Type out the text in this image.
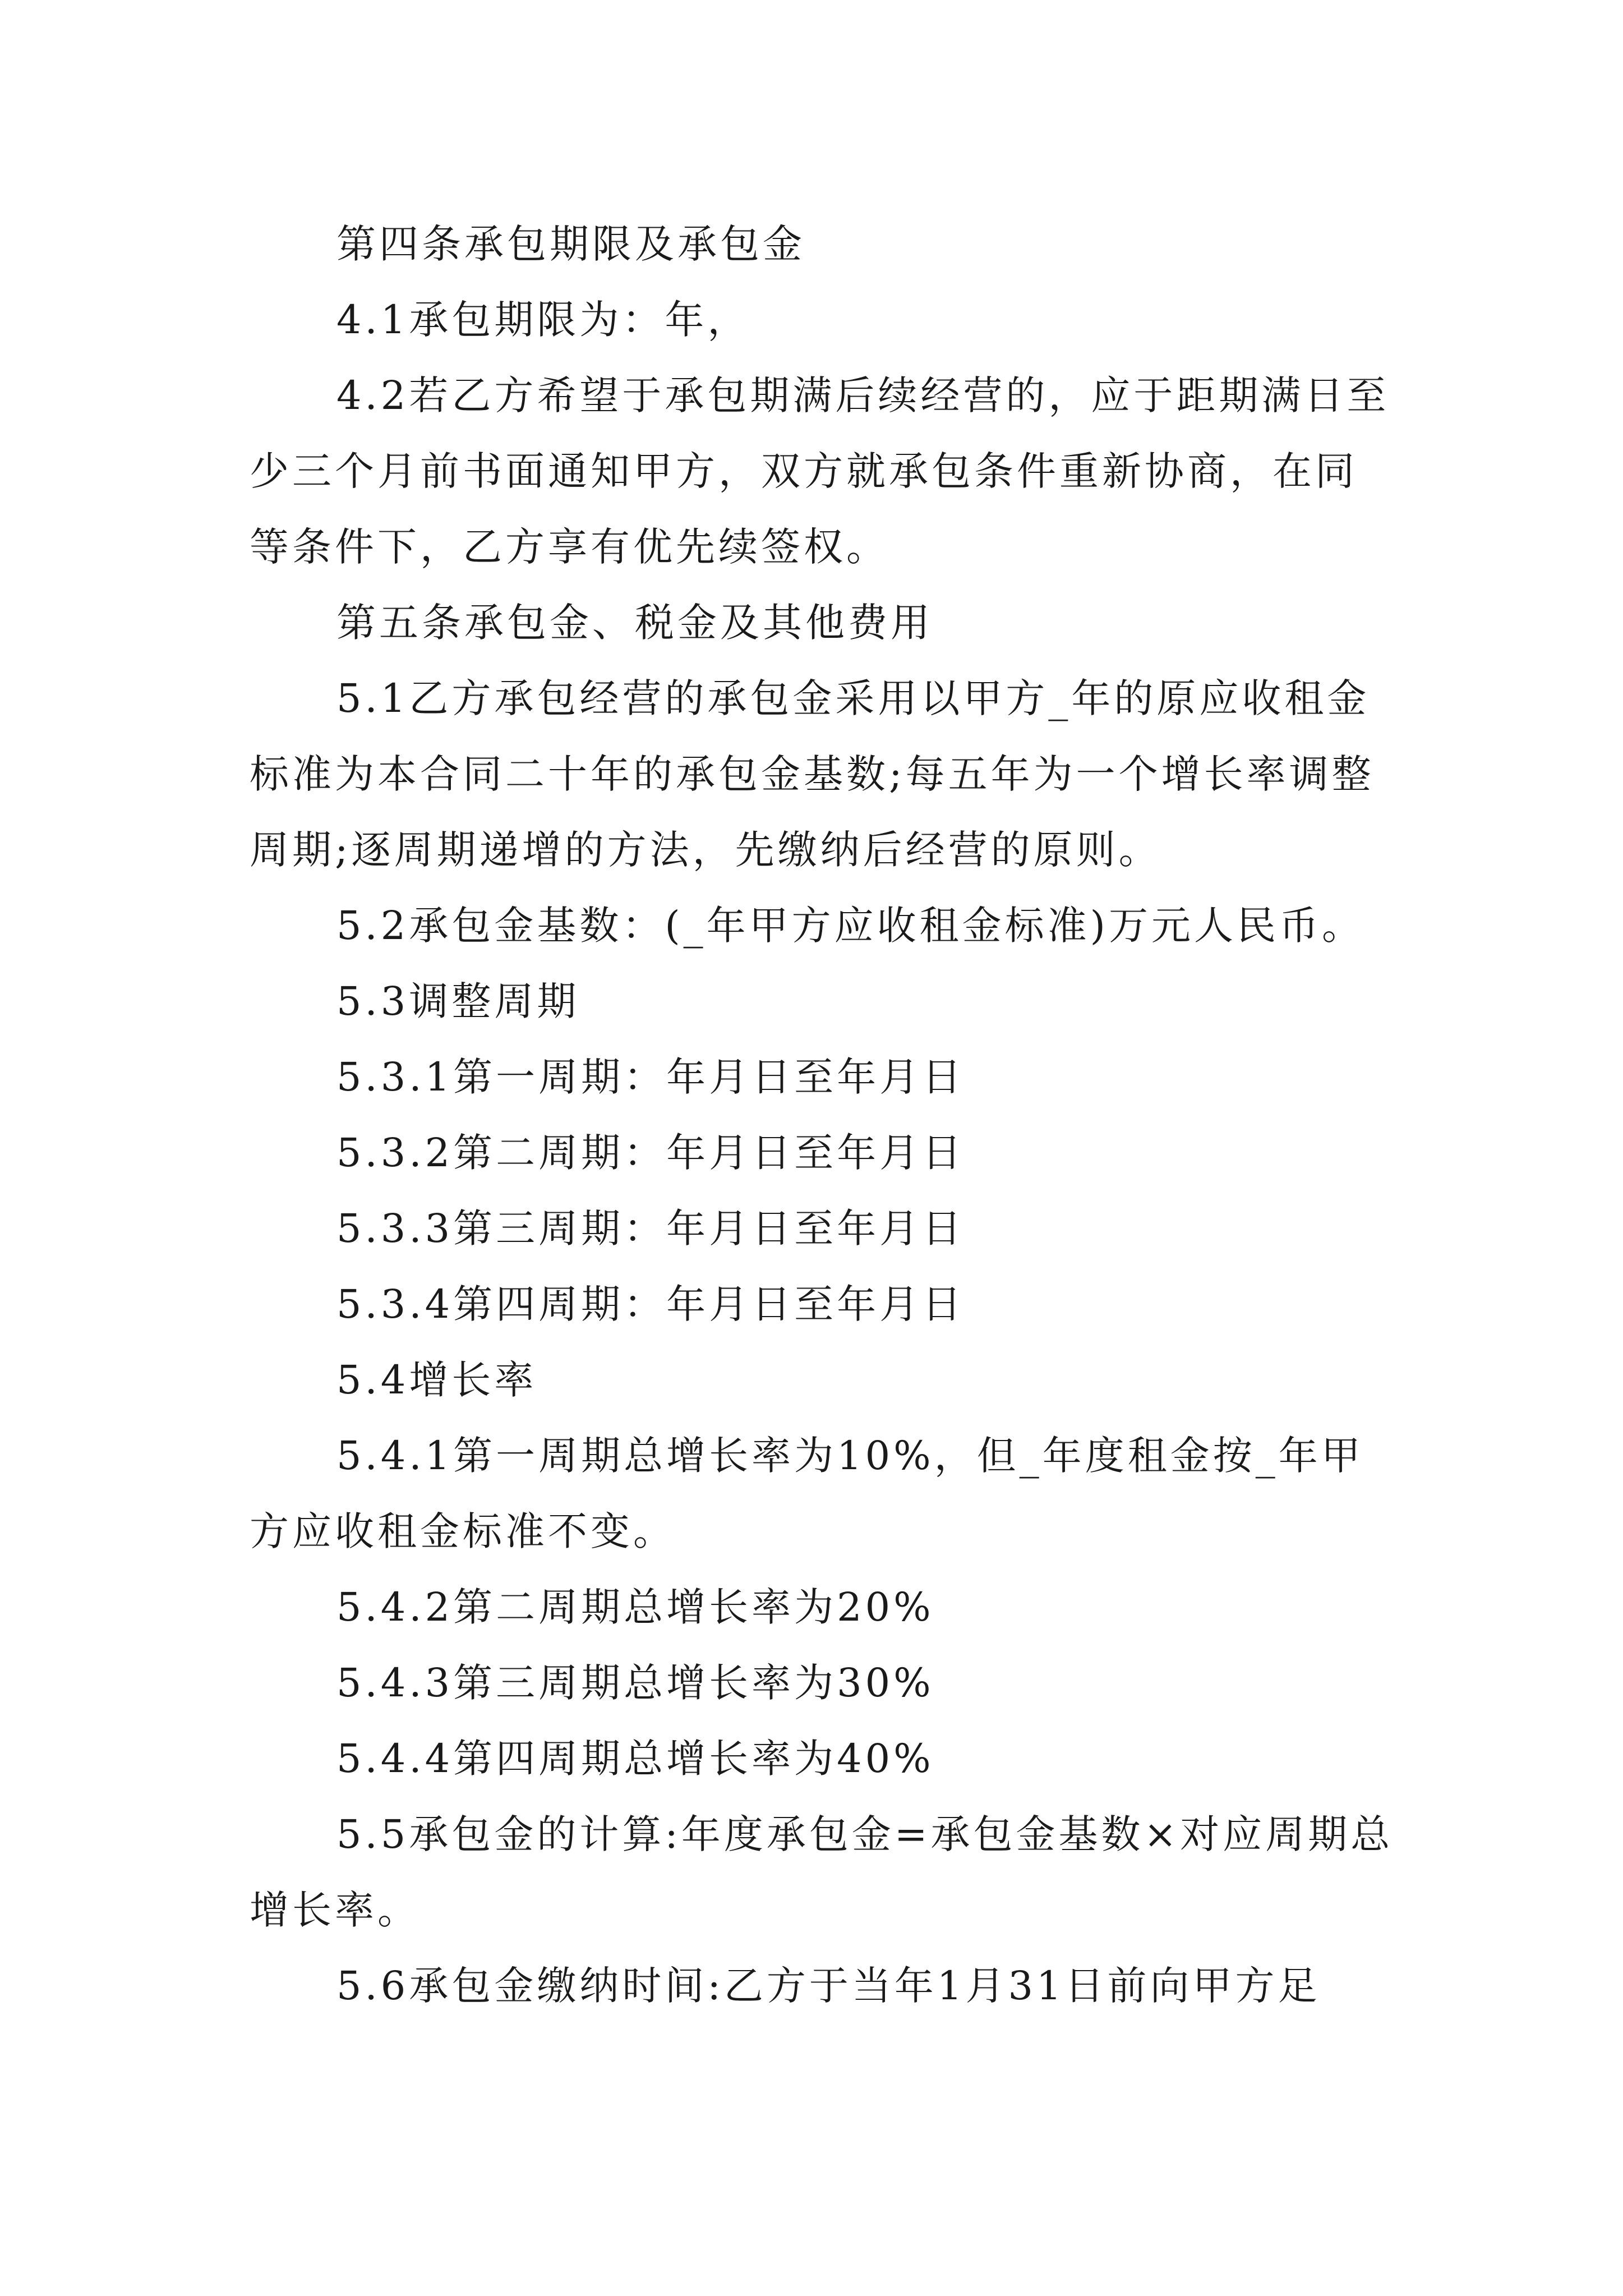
第四条承包期限及承包金

4.1承包期限为：年，

4.2若乙方希望于承包期满后续经营的，应于距期满日至少三个月前书面通知甲方，双方就承包条件重新协商，在同等条件下，乙方享有优先续签权。

第五条承包金、税金及其他费用

5.1乙方承包经营的承包金采用以甲方_年的原应收租金标准为本合同二十年的承包金基数;每五年为一个增长率调整周期;逐周期递增的方法，先缴纳后经营的原则。

5.2承包金基数：(_年甲方应收租金标准)万元人民币。

5.3调整周期

5.3.1第一周期：年月日至年月日

5.3.2第二周期：年月日至年月日

5.3.3第三周期：年月日至年月日

5.3.4第四周期：年月日至年月日

5.4增长率

5.4.1第一周期总增长率为10%，但_年度租金按_年甲方应收租金标准不变。

5.4.2第二周期总增长率为20%

5.4.3第三周期总增长率为30%

5.4.4第四周期总增长率为40%

5.5承包金的计算:年度承包金=承包金基数×对应周期总增长率。

5.6承包金缴纳时间:乙方于当年1月31日前向甲方足
